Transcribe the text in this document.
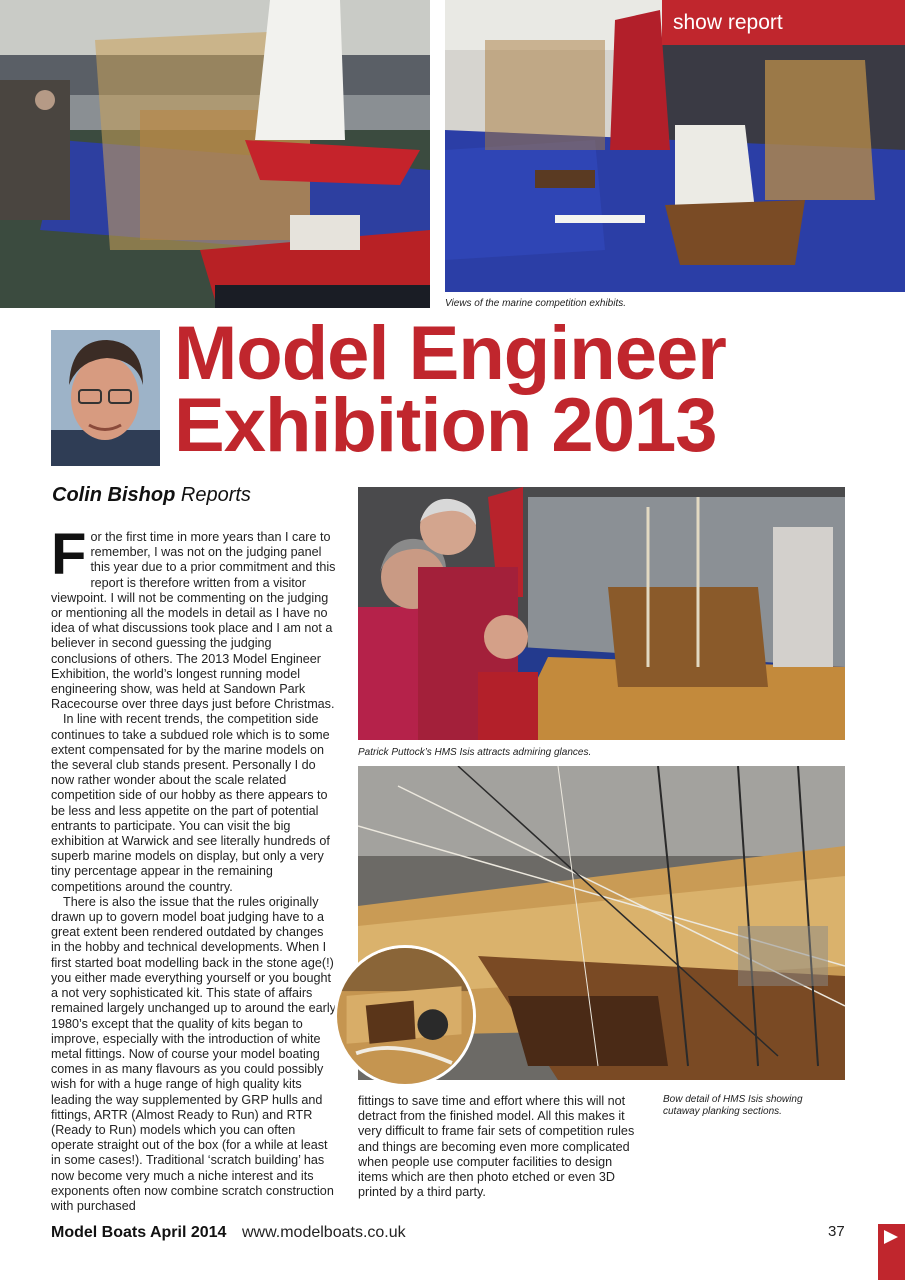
show report
Views of the marine competition exhibits.
Model Engineer
Exhibition 2013
Colin Bishop Reports

For the first time in more years than I care to remember, I was not on the judging panel this year due to a prior commitment and this report is therefore written from a visitor viewpoint. I will not be commenting on the judging or mentioning all the models in detail as I have no idea of what discussions took place and I am not a believer in second guessing the judging conclusions of others. The 2013 Model Engineer Exhibition, the world’s longest running model engineering show, was held at Sandown Park Racecourse over three days just before Christmas.

In line with recent trends, the competition side continues to take a subdued role which is to some extent compensated for by the marine models on the several club stands present. Personally I do now rather wonder about the scale related competition side of our hobby as there appears to be less and less appetite on the part of potential entrants to participate. You can visit the big exhibition at Warwick and see literally hundreds of superb marine models on display, but only a very tiny percentage appear in the remaining competitions around the country.

There is also the issue that the rules originally drawn up to govern model boat judging have to a great extent been rendered outdated by changes in the hobby and technical developments. When I first started boat modelling back in the stone age(!) you either made everything yourself or you bought a not very sophisticated kit. This state of affairs remained largely unchanged up to around the early 1980’s except that the quality of kits began to improve, especially with the introduction of white metal fittings. Now of course your model boating comes in as many flavours as you could possibly wish for with a huge range of high quality kits leading the way supplemented by GRP hulls and fittings, ARTR (Almost Ready to Run) and RTR (Ready to Run) models which you can often operate straight out of the box (for a while at least in some cases!). Traditional ‘scratch building’ has now become very much a niche interest and its exponents often now combine scratch construction with purchased

Patrick Puttock’s HMS Isis attracts admiring glances.

fittings to save time and effort where this will not detract from the finished model. All this makes it very difficult to frame fair sets of competition rules and things are becoming even more complicated when people use computer facilities to design items which are then photo etched or even 3D printed by a third party.

Bow detail of HMS Isis showing cutaway planking sections.
Model Boats April 2014 www.modelboats.co.uk	37
